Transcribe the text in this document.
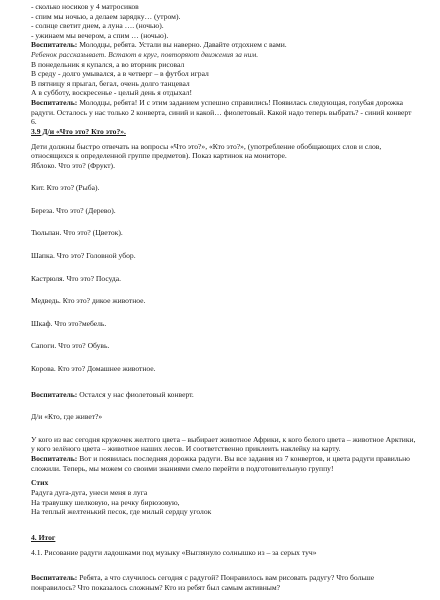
- сколько носиков у 4 матросиков

- спим мы ночью, а делаем зарядку… (утром).

- солнце светит днем, а луна …. (ночью).

- ужинаем мы вечером, а спим … (ночью).

Воспитатель: Молодцы, ребята. Устали вы наверно. Давайте отдохнем с вами.

Ребенок рассказывает. Встают в круг, повторяют движения за ним.

В понедельник я купался, а во вторник рисовал

В среду - долго умывался, а в четверг – в футбол играл

В пятницу я прыгал, бегал, очень долго танцевал

А в субботу, воскресенье - целый день я отдыхал!

Воспитатель: Молодцы, ребята! И с этим заданием успешно справились! Появилась следующая, голубая дорожка радуги. Осталось у нас только 2 конверта, синий и какой… фиолетовый. Какой надо теперь выбрать? - синий конверт 6.

3.9 Д/и «Что это? Кто это?».

Дети должны быстро отвечать на вопросы «Что это?», «Кто это?», (употребление обобщающих слов и слов, относящихся к определенной группе предметов). Показ картинок на мониторе.

Яблоко. Что это? (Фрукт).

Кит. Кто это? (Рыба).

Береза. Что это? (Дерево).

Тюльпан. Что это? (Цветок).

Шапка. Что это? Головной убор.

Кастрюля. Что это? Посуда.

Медведь. Кто это? дикое животное.

Шкаф. Что это?мебель.

Сапоги. Что это? Обувь.

Корова. Кто это? Домашнее животное.

Воспитатель: Остался у нас фиолетовый конверт.

Д/и «Кто, где живет?»

У кого из вас сегодня кружочек желтого цвета – выбирает животное Африки, к кого белого цвета – животное Арктики, у кого зелёного цвета – животное наших лесов. И соответственно приклеить наклейку на карту.

Воспитатель: Вот и появилась последняя дорожка радуги. Вы все задания из 7 конвертов, и цвета радуги правильно сложили. Теперь, мы можем со своими знаниями смело перейти в подготовительную группу!

Стих

Радуга дуга-дуга, унеси меня в луга

На травушку шелковую, на речку бирюзовую,

На теплый желтенький песок, где милый сердцу уголок

4. Итог

4.1. Рисование радуги ладошками под музыку «Выглянуло солнышко из – за серых туч»

Воспитатель: Ребята, а что случилось сегодня с радугой? Понравилось вам рисовать радугу? Что больше понравилось? Что показалось сложным? Кто из ребят был самым активным?
